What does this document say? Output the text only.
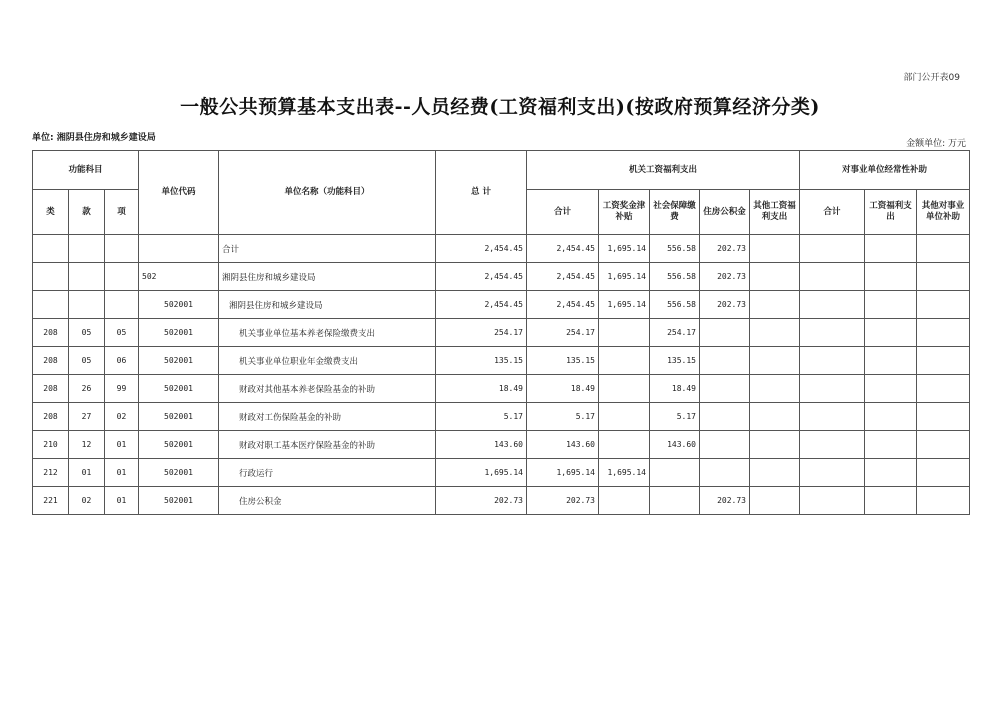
部门公开表09
一般公共预算基本支出表--人员经费(工资福利支出)(按政府预算经济分类)
单位: 湘阴县住房和城乡建设局
金额单位: 万元
功能科目			单位代码	单位名称（功能科目）	总 计	机关工资福利支出					对事业单位经常性补助		
类	款	项				合计	工资奖金津补贴	社会保障缴费	住房公积金	其他工资福利支出	合计	工资福利支出	其他对事业单位补助
				合计	2,454.45	2,454.45	1,695.14	556.58	202.73				
			502	湘阴县住房和城乡建设局	2,454.45	2,454.45	1,695.14	556.58	202.73				
			502001	湘阴县住房和城乡建设局	2,454.45	2,454.45	1,695.14	556.58	202.73				
208	05	05	502001	机关事业单位基本养老保险缴费支出	254.17	254.17		254.17					
208	05	06	502001	机关事业单位职业年金缴费支出	135.15	135.15		135.15					
208	26	99	502001	财政对其他基本养老保险基金的补助	18.49	18.49		18.49					
208	27	02	502001	财政对工伤保险基金的补助	5.17	5.17		5.17					
210	12	01	502001	财政对职工基本医疗保险基金的补助	143.60	143.60		143.60					
212	01	01	502001	行政运行	1,695.14	1,695.14	1,695.14						
221	02	01	502001	住房公积金	202.73	202.73			202.73				
